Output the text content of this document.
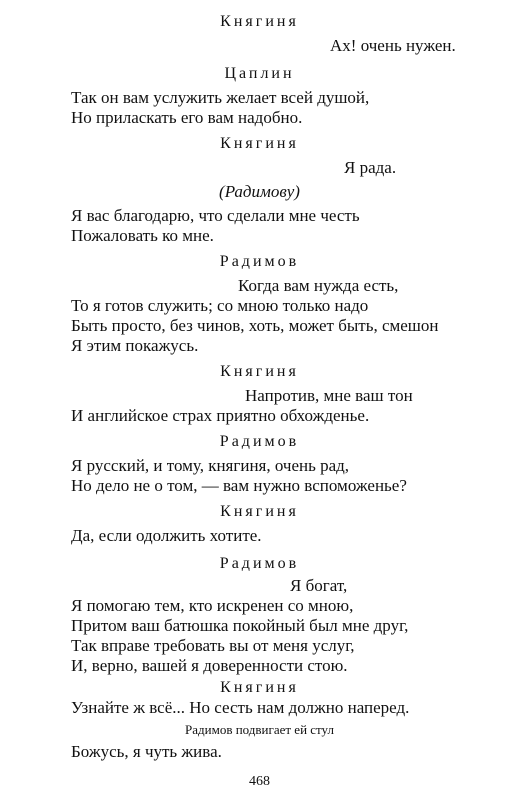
Княгиня
Ах! очень нужен.
Цаплин
Так он вам услужить желает всей душой,
Но приласкать его вам надобно.
Княгиня
Я рада.
(Радимову)
Я вас благодарю, что сделали мне честь
Пожаловать ко мне.
Радимов
Когда вам нужда есть,
То я готов служить; со мною только надо
Быть просто, без чинов, хоть, может быть, смешон
Я этим покажусь.
Княгиня
Напротив, мне ваш тон
И английское страх приятно обхожденье.
Радимов
Я русский, и тому, княгиня, очень рад,
Но дело не о том, — вам нужно вспоможенье?
Княгиня
Да, если одолжить хотите.
Радимов
Я богат,
Я помогаю тем, кто искренен со мною,
Притом ваш батюшка покойный был мне друг,
Так вправе требовать вы от меня услуг,
И, верно, вашей я доверенности стою.
Княгиня
Узнайте ж всё... Но сесть нам должно наперед.
Радимов подвигает ей стул
Божусь, я чуть жива.
468
